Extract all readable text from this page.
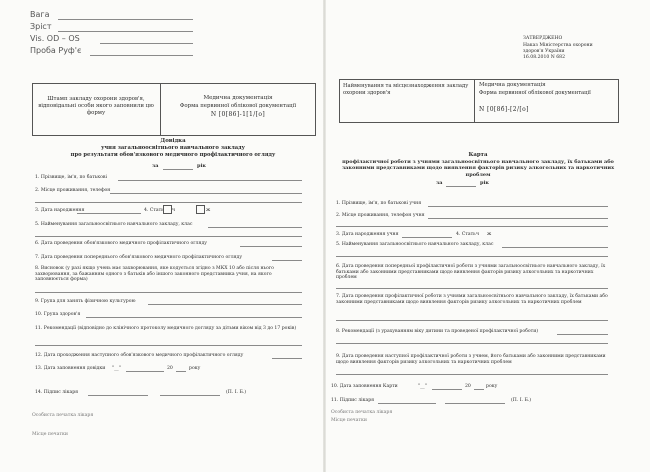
Вага
Зріст
Vis. OD – OS
Проба Руф'є
Штамп закладу охорони здоров'я, відповідальні особи якого заповнили цю форму
Медична документація
Форма первинної облікової документації
N [0[86]-1[1/[о]
Довідка
учня загальноосвітнього навчального закладу
про результати обов'язкового медичного профілактичного огляду
за	рік
1. Прізвище, ім'я, по батькові
2. Місце проживання, телефон
3. Дата народження	4. Стать ч	ж
5. Найменування загальноосвітнього навчального закладу, клас
6. Дата проведення обов'язкового медичного профілактичного огляду
7. Дата проведення попереднього обов'язкового медичного профілактичного огляду
8. Висновок (у разі якщо учень має захворювання, яке кодується згідно з МКХ 10 або після нього захворювання, за бажанням одного з батьків або іншого законного представника учня, на якого заповнюється форма)
9. Група для занять фізичною культурою
10. Група здоров'я
11. Рекомендації (відповідно до клінічного протоколу медичного догляду за дітьми віком від 3 до 17 років)
12. Дата проходження наступного обов'язкового медичного профілактичного огляду
13. Дата заповнення довідки "__"	20	року
14. Підпис лікаря	(П. І. Б.)
Особиста печатка лікаря
Місце печатки
ЗАТВЕРДЖЕНО
Наказ Міністерства охорони
здоров'я України
16.08.2010 N 682
Найменування та місцезнаходження закладу охорони здоров'я
Медична документація
Форма первинної облікової документації
N [0[8б]-[2/[о]
Карта
профілактичної роботи з учнями загальноосвітнього навчального закладу, їх батьками або законними представниками щодо виявлення факторів ризику алкогольних та наркотичних проблем
за	рік
1. Прізвище, ім'я, по батькові учня
2. Місце проживання, телефон учня
3. Дата народження учня	4. Стать ч ж
5. Найменування загальноосвітнього навчального закладу, клас
6. Дата проведення попередньої профілактичної роботи з учнями загальноосвітнього навчального закладу, їх батьками або законними представниками щодо виявлення факторів ризику алкогольних та наркотичних проблем
7. Дата проведення профілактичної роботи з учнями загальноосвітнього навчального закладу, їх батьками або законними представниками щодо виявлення факторів ризику алкогольних та наркотичних проблем
8. Рекомендації (з урахуванням віку дитини та проведеної профілактичної роботи)
9. Дата проведення наступної профілактичної роботи з учнем, його батьками або законними представниками щодо виявлення факторів ризику алкогольних та наркотичних проблем
10. Дата заповнення Карти	"__"	20	року
11. Підпис лікаря	(П. І. Б.)
Особиста печатка лікаря
Місце печатки
